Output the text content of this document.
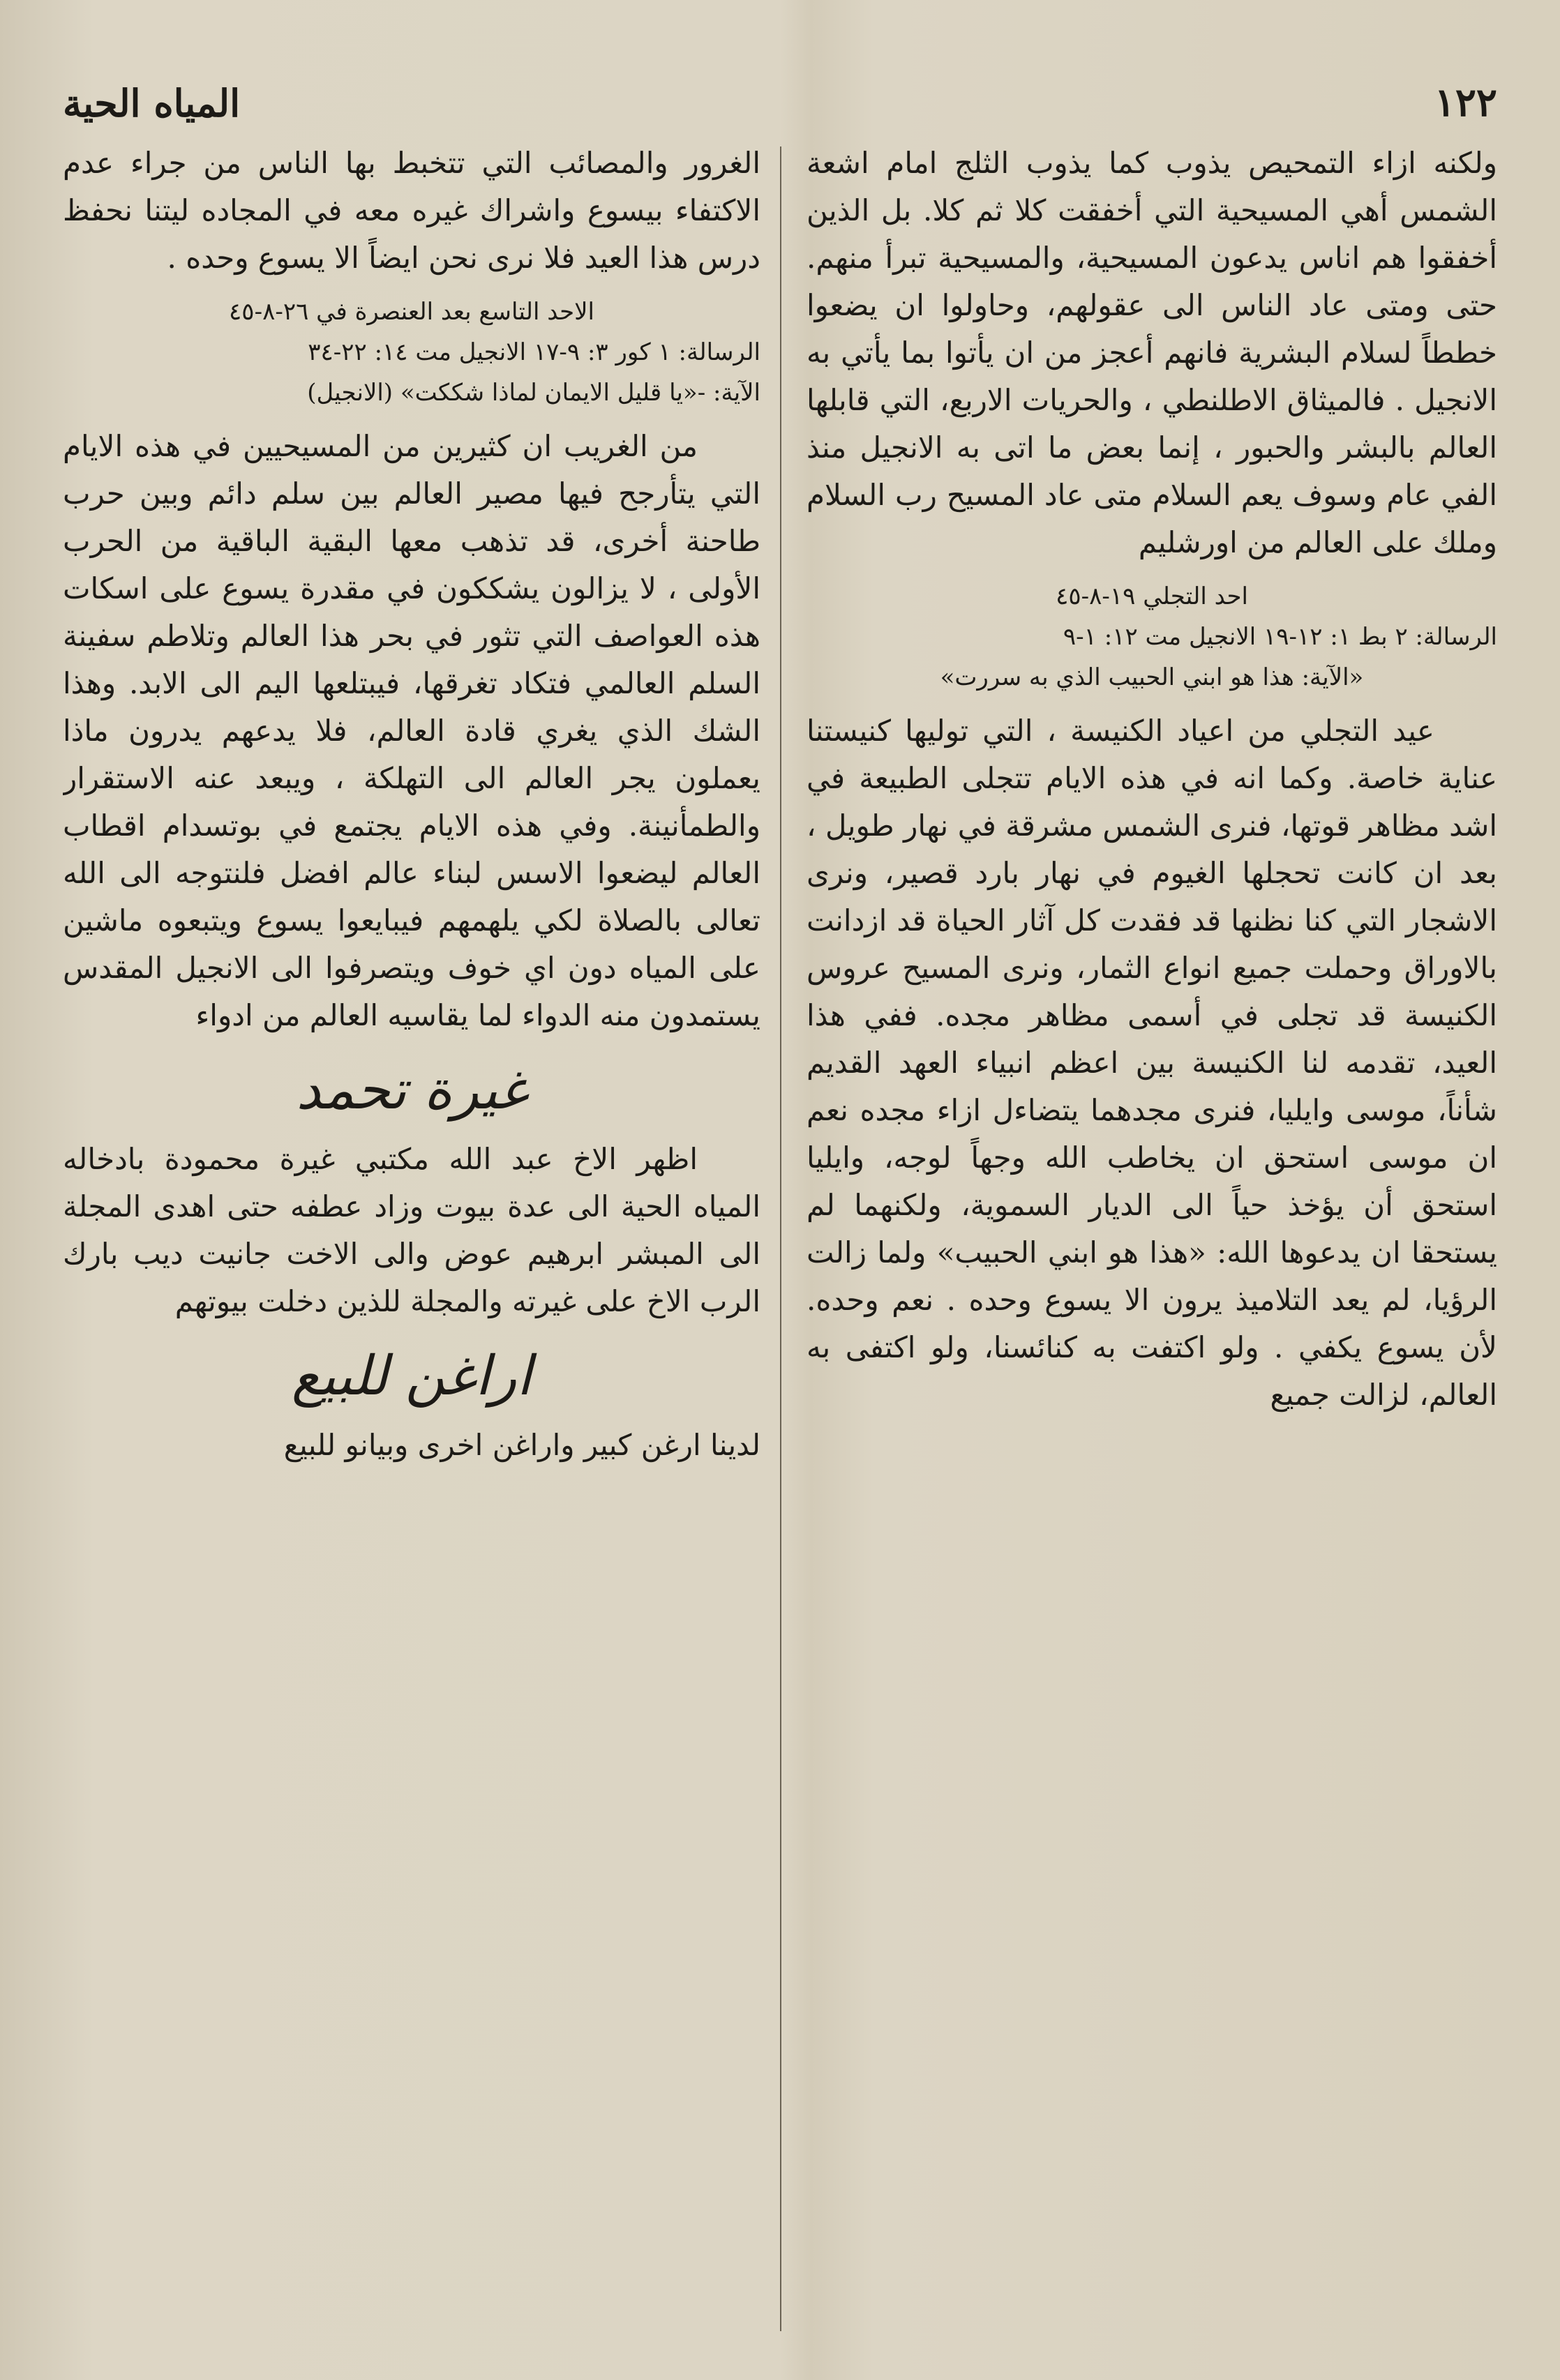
١٢٢
المياه الحية

ولكنه ازاء التمحيص يذوب كما يذوب الثلج امام اشعة الشمس أهي المسيحية التي أخفقت كلا ثم كلا. بل الذين أخفقوا هم اناس يدعون المسيحية، والمسيحية تبرأ منهم. حتى ومتى عاد الناس الى عقولهم، وحاولوا ان يضعوا خططاً لسلام البشرية فانهم أعجز من ان يأتوا بما يأتي به الانجيل . فالميثاق الاطلنطي ، والحريات الاربع، التي قابلها العالم بالبشر والحبور ، إنما بعض ما اتى به الانجيل منذ الفي عام وسوف يعم السلام متى عاد المسيح رب السلام وملك على العالم من اورشليم

احد التجلي ١٩-٨-٤٥

الرسالة: ٢ بط ١: ١٢-١٩ الانجيل مت ١٢: ١-٩

«الآية: هذا هو ابني الحبيب الذي به سررت»

عيد التجلي من اعياد الكنيسة ، التي توليها كنيستنا عناية خاصة. وكما انه في هذه الايام تتجلى الطبيعة في اشد مظاهر قوتها، فنرى الشمس مشرقة في نهار طويل ، بعد ان كانت تحجلها الغيوم في نهار بارد قصير، ونرى الاشجار التي كنا نظنها قد فقدت كل آثار الحياة قد ازدانت بالاوراق وحملت جميع انواع الثمار، ونرى المسيح عروس الكنيسة قد تجلى في أسمى مظاهر مجده. ففي هذا العيد، تقدمه لنا الكنيسة بين اعظم انبياء العهد القديم شأناً، موسى وايليا، فنرى مجدهما يتضاءل ازاء مجده نعم ان موسى استحق ان يخاطب الله وجهاً لوجه، وايليا استحق أن يؤخذ حياً الى الديار السموية، ولكنهما لم يستحقا ان يدعوها الله: «هذا هو ابني الحبيب» ولما زالت الرؤيا، لم يعد التلاميذ يرون الا يسوع وحده . نعم وحده. لأن يسوع يكفي . ولو اكتفت به كنائسنا، ولو اكتفى به العالم، لزالت جميع

الغرور والمصائب التي تتخبط بها الناس من جراء عدم الاكتفاء بيسوع واشراك غيره معه في المجاده ليتنا نحفظ درس هذا العيد فلا نرى نحن ايضاً الا يسوع وحده .

الاحد التاسع بعد العنصرة في ٢٦-٨-٤٥

الرسالة: ١ كور ٣: ٩-١٧ الانجيل مت ١٤: ٢٢-٣٤

الآية: -«يا قليل الايمان لماذا شككت» (الانجيل)

من الغريب ان كثيرين من المسيحيين في هذه الايام التي يتأرجح فيها مصير العالم بين سلم دائم وبين حرب طاحنة أخرى، قد تذهب معها البقية الباقية من الحرب الأولى ، لا يزالون يشككون في مقدرة يسوع على اسكات هذه العواصف التي تثور في بحر هذا العالم وتلاطم سفينة السلم العالمي فتكاد تغرقها، فيبتلعها اليم الى الابد. وهذا الشك الذي يغري قادة العالم، فلا يدعهم يدرون ماذا يعملون يجر العالم الى التهلكة ، ويبعد عنه الاستقرار والطمأنينة. وفي هذه الايام يجتمع في بوتسدام اقطاب العالم ليضعوا الاسس لبناء عالم افضل فلنتوجه الى الله تعالى بالصلاة لكي يلهمهم فيبايعوا يسوع ويتبعوه ماشين على المياه دون اي خوف ويتصرفوا الى الانجيل المقدس يستمدون منه الدواء لما يقاسيه العالم من ادواء

غيرة تحمد

اظهر الاخ عبد الله مكتبي غيرة محمودة بادخاله المياه الحية الى عدة بيوت وزاد عطفه حتى اهدى المجلة الى المبشر ابرهيم عوض والى الاخت جانيت ديب بارك الرب الاخ على غيرته والمجلة للذين دخلت بيوتهم

اراغن للبيع

لدينا ارغن كبير واراغن اخرى وبيانو للبيع
